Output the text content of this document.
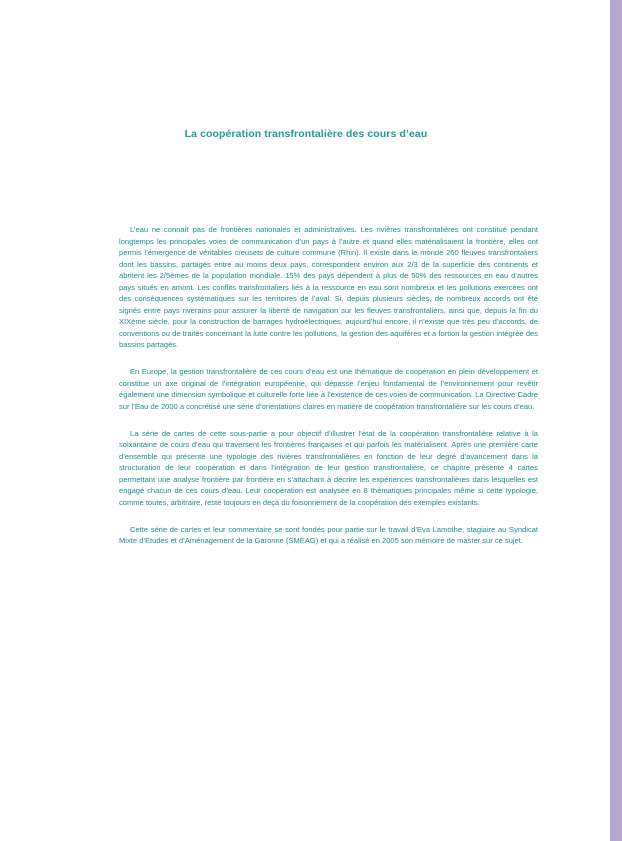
La coopération transfrontalière des cours d’eau

L’eau ne connaît pas de frontières nationales et administratives. Les rivières transfrontalières ont constitué pendant longtemps les principales voies de communication d’un pays à l’autre et quand elles matérialisaient la frontière, elles ont permis l’émergence de véritables creusets de culture commune (Rhin). Il existe dans le monde 260 fleuves transfrontaliers dont les bassins, partagés entre au moins deux pays, correspondent environ aux 2/3 de la superficie des continents et abritent les 2/5èmes de la population mondiale. 15% des pays dépendent à plus de 50% des ressources en eau d’autres pays situés en amont. Les conflits transfrontaliers liés à la ressource en eau sont nombreux et les pollutions exercées ont des conséquences systématiques sur les territoires de l’aval. Si, depuis plusieurs siècles, de nombreux accords ont été signés entre pays riverains pour assurer la liberté de navigation sur les fleuves transfrontaliers, ainsi que, depuis la fin du XIXème siècle, pour la construction de barrages hydroélectriques, aujourd’hui encore, il n’existe que très peu d’accords, de conventions ou de traités concernant la lutte contre les pollutions, la gestion des aquifères et a fortiori la gestion intégrée des bassins partagés.

En Europe, la gestion transfrontalière de ces cours d’eau est une thématique de coopération en plein développement et constitue un axe original de l’intégration européenne, qui dépasse l’enjeu fondamental de l’environnement pour revêtir également une dimension symbolique et culturelle forte liée à l’existence de ces voies de communication. La Directive Cadre sur l’Eau de 2000 a concrétisé une série d’orientations claires en matière de coopération transfrontalière sur les cours d’eau.

La série de cartes de cette sous-partie a pour objectif d’illustrer l’état de la coopération transfrontalière relative à la soixantaine de cours d’eau qui traversent les frontières françaises et qui parfois les matérialisent. Après une première carte d’ensemble qui présente une typologie des rivières transfrontalières en fonction de leur degré d’avancement dans la structuration de leur coopération et dans l’intégration de leur gestion transfrontalière, ce chapitre présente 4 cartes permettant une analyse frontière par frontière en s’attachant à décrire les expériences transfrontalières dans lesquelles est engagé chacun de ces cours d’eau. Leur coopération est analysée en 8 thématiques principales même si cette typologie, comme toutes, arbitraire, reste toujours en deçà du foisonnement de la coopération des exemples existants.

Cette série de cartes et leur commentaire se sont fondés pour partie sur le travail d’Eva Lamothe, stagiaire au Syndicat Mixte d’Etudes et d’Aménagement de la Garonne (SMEAG) et qui a réalisé en 2005 son mémoire de master sur ce sujet.
